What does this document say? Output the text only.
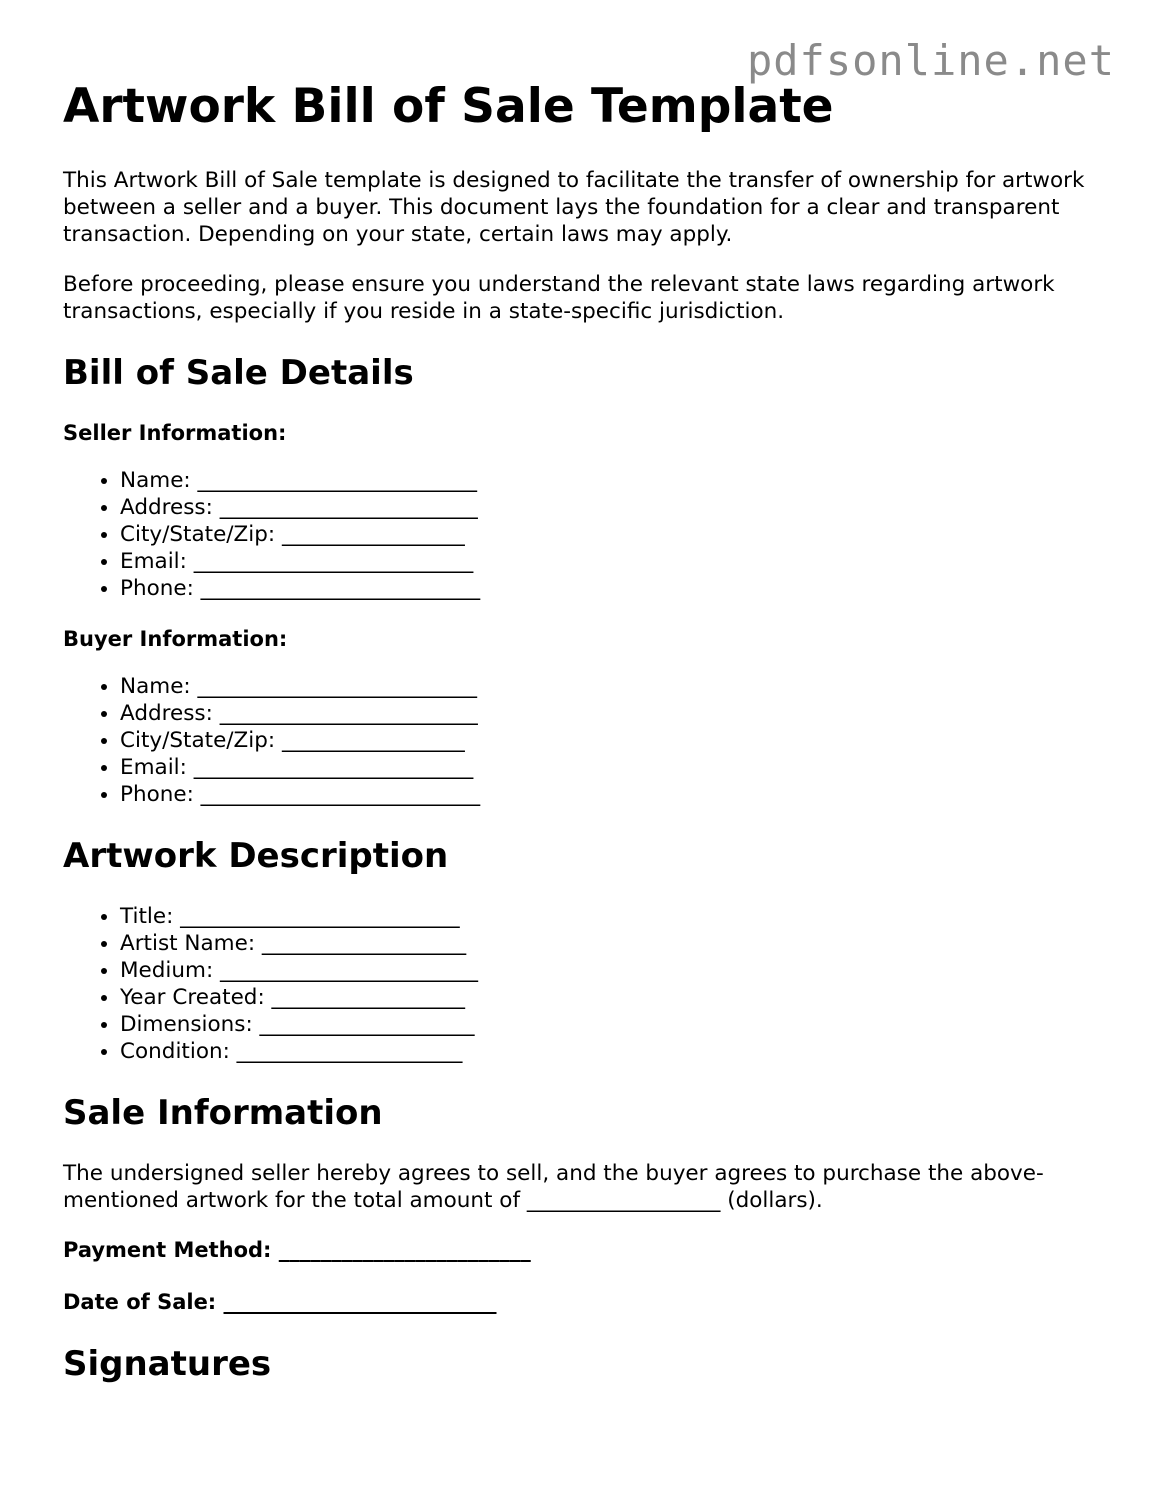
pdfsonline.net
Artwork Bill of Sale Template

This Artwork Bill of Sale template is designed to facilitate the transfer of ownership for artwork between a seller and a buyer. This document lays the foundation for a clear and transparent transaction. Depending on your state, certain laws may apply.

Before proceeding, please ensure you understand the relevant state laws regarding artwork transactions, especially if you reside in a state-specific jurisdiction.

Bill of Sale Details
Seller Information:
• Name: __________________________
• Address: ________________________
• City/State/Zip: _________________
• Email: __________________________
• Phone: __________________________
Buyer Information:
• Name: __________________________
• Address: ________________________
• City/State/Zip: _________________
• Email: __________________________
• Phone: __________________________
Artwork Description
• Title: __________________________
• Artist Name: ___________________
• Medium: ________________________
• Year Created: __________________
• Dimensions: ____________________
• Condition: _____________________
Sale Information

The undersigned seller hereby agrees to sell, and the buyer agrees to purchase the above-mentioned artwork for the total amount of __________________ (dollars).

Payment Method: ________________________

Date of Sale: __________________________

Signatures
